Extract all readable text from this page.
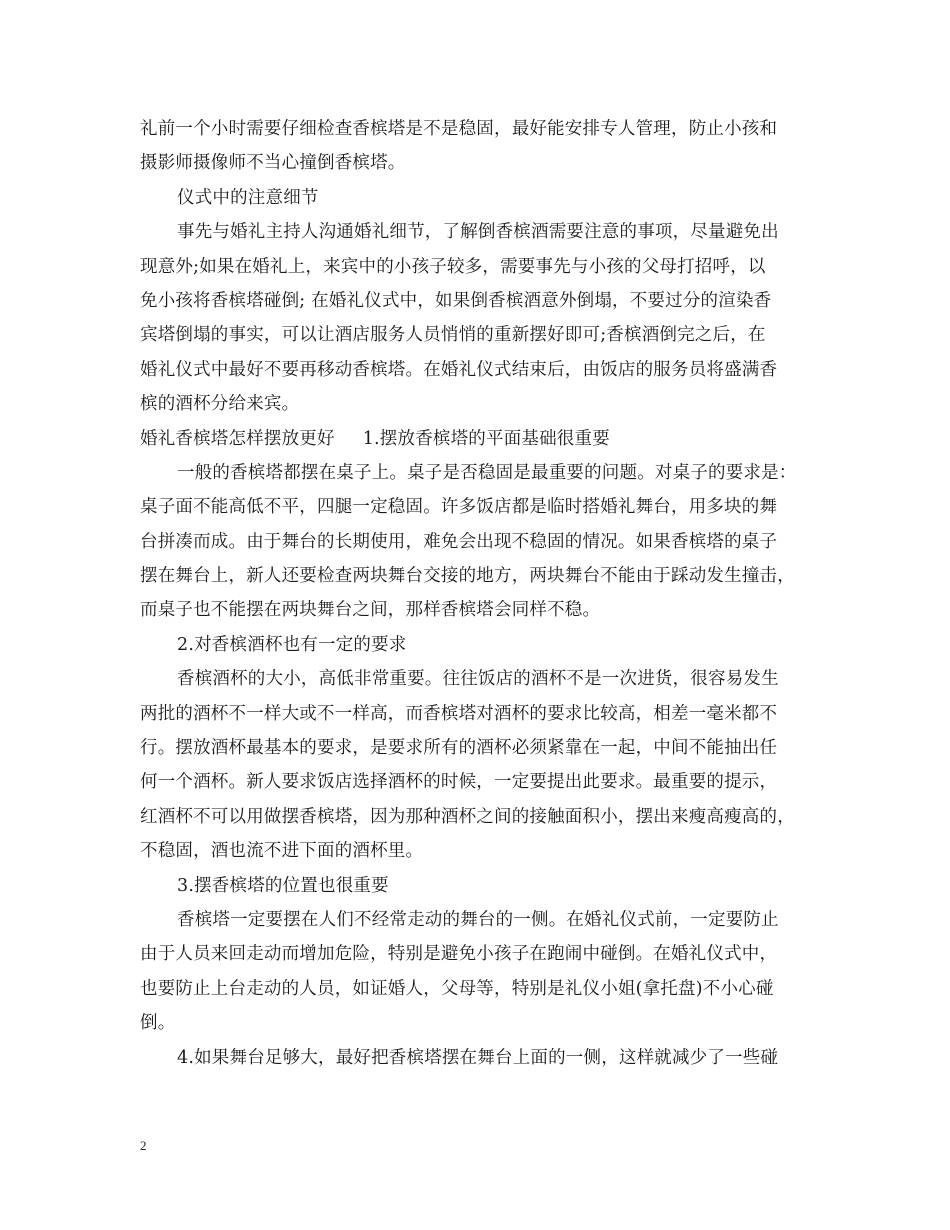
礼前一个小时需要仔细检查香槟塔是不是稳固，最好能安排专人管理，防止小孩和
摄影师摄像师不当心撞倒香槟塔。
仪式中的注意细节
事先与婚礼主持人沟通婚礼细节，了解倒香槟酒需要注意的事项，尽量避免出
现意外;如果在婚礼上，来宾中的小孩子较多，需要事先与小孩的父母打招呼，以
免小孩将香槟塔碰倒; 在婚礼仪式中，如果倒香槟酒意外倒塌，不要过分的渲染香
宾塔倒塌的事实，可以让酒店服务人员悄悄的重新摆好即可;香槟酒倒完之后，在
婚礼仪式中最好不要再移动香槟塔。在婚礼仪式结束后，由饭店的服务员将盛满香
槟的酒杯分给来宾。
婚礼香槟塔怎样摆放更好 1.摆放香槟塔的平面基础很重要
一般的香槟塔都摆在桌子上。桌子是否稳固是最重要的问题。对桌子的要求是：
桌子面不能高低不平，四腿一定稳固。许多饭店都是临时搭婚礼舞台，用多块的舞
台拼凑而成。由于舞台的长期使用，难免会出现不稳固的情况。如果香槟塔的桌子
摆在舞台上，新人还要检查两块舞台交接的地方，两块舞台不能由于踩动发生撞击，
而桌子也不能摆在两块舞台之间，那样香槟塔会同样不稳。
2.对香槟酒杯也有一定的要求
香槟酒杯的大小，高低非常重要。往往饭店的酒杯不是一次进货，很容易发生
两批的酒杯不一样大或不一样高，而香槟塔对酒杯的要求比较高，相差一毫米都不
行。摆放酒杯最基本的要求，是要求所有的酒杯必须紧靠在一起，中间不能抽出任
何一个酒杯。新人要求饭店选择酒杯的时候，一定要提出此要求。最重要的提示，
红酒杯不可以用做摆香槟塔，因为那种酒杯之间的接触面积小，摆出来瘦高瘦高的，
不稳固，酒也流不进下面的酒杯里。
3.摆香槟塔的位置也很重要
香槟塔一定要摆在人们不经常走动的舞台的一侧。在婚礼仪式前，一定要防止
由于人员来回走动而增加危险，特别是避免小孩子在跑闹中碰倒。在婚礼仪式中，
也要防止上台走动的人员，如证婚人，父母等，特别是礼仪小姐(拿托盘)不小心碰
倒。
4.如果舞台足够大，最好把香槟塔摆在舞台上面的一侧，这样就减少了一些碰
2
